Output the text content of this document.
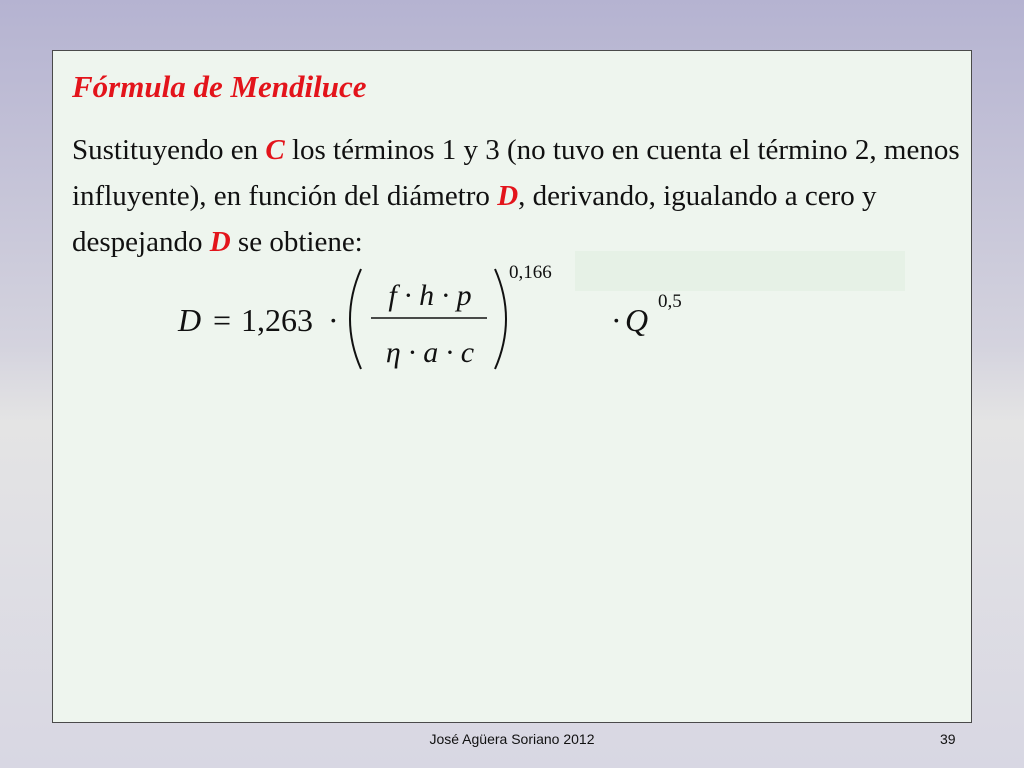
Fórmula de Mendiluce

Sustituyendo en C los términos 1 y 3 (no tuvo en cuenta el término 2, menos influyente), en función del diámetro D, derivando, igualando a cero y despejando D se obtiene:

D = 1,263 ·
f · h · p
η · a · c
0,166
· Q
0,5
José Agüera Soriano 2012	39
